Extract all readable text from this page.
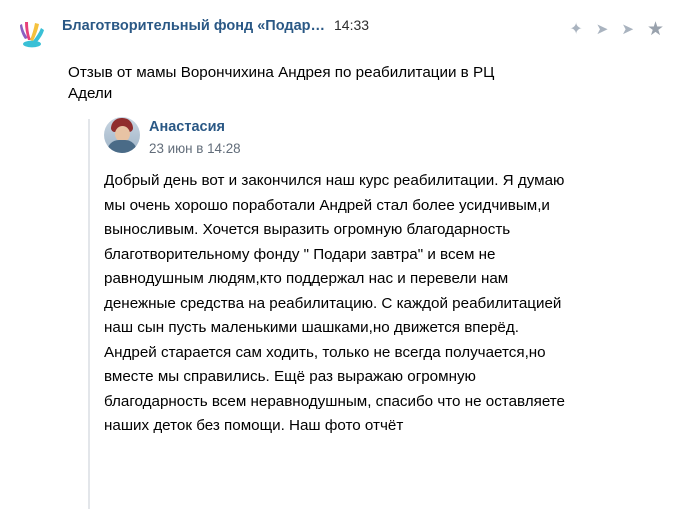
Благотворительный фонд «Подар… 14:33	✦ ➤ ➤ ★
Отзыв от мамы Ворончихина Андрея по реабилитации в РЦ Адели
Анастасия
23 июн в 14:28
Добрый день вот и закончился наш курс реабилитации. Я думаю мы очень хорошо поработали Андрей стал более усидчивым,и выносливым. Хочется выразить огромную благодарность благотворительному фонду " Подари завтра" и всем не равнодушным людям,кто поддержал нас и перевели нам денежные средства на реабилитацию. С каждой реабилитацией наш сын пусть маленькими шашками,но движется вперёд. Андрей старается сам ходить, только не всегда получается,но вместе мы справились. Ещё раз выражаю огромную благодарность всем неравнодушным, спасибо что не оставляете наших деток без помощи. Наш фото отчёт
